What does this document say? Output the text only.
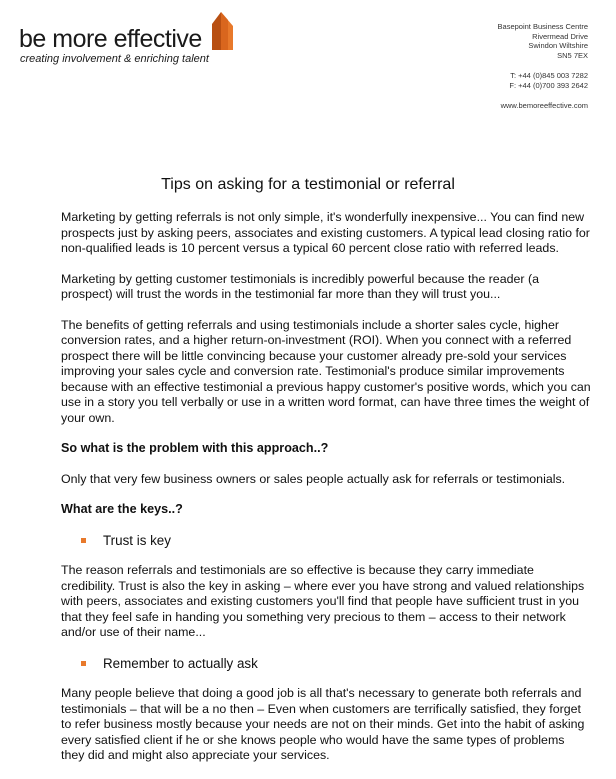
be more effective
creating involvement & enriching talent
Basepoint Business Centre
Rivermead Drive
Swindon Wiltshire
SN5 7EX
T: +44 (0)845 003 7282
F: +44 (0)700 393 2642
www.bemoreeffective.com
Tips on asking for a testimonial or referral

Marketing by getting referrals is not only simple, it's wonderfully inexpensive... You can find new prospects just by asking peers, associates and existing customers. A typical lead closing ratio for non-qualified leads is 10 percent versus a typical 60 percent close ratio with referred leads.

Marketing by getting customer testimonials is incredibly powerful because the reader (a prospect) will trust the words in the testimonial far more than they will trust you...

The benefits of getting referrals and using testimonials include a shorter sales cycle, higher conversion rates, and a higher return-on-investment (ROI). When you connect with a referred prospect there will be little convincing because your customer already pre-sold your services improving your sales cycle and conversion rate. Testimonial's produce similar improvements because with an effective testimonial a previous happy customer's positive words, which you can use in a story you tell verbally or use in a written word format, can have three times the weight of your own.

So what is the problem with this approach..?

Only that very few business owners or sales people actually ask for referrals or testimonials.

What are the keys..?
Trust is key

The reason referrals and testimonials are so effective is because they carry immediate credibility. Trust is also the key in asking – where ever you have strong and valued relationships with peers, associates and existing customers you'll find that people have sufficient trust in you that they feel safe in handing you something very precious to them – access to their network and/or use of their name...

Remember to actually ask

Many people believe that doing a good job is all that's necessary to generate both referrals and testimonials – that will be a no then – Even when customers are terrifically satisfied, they forget to refer business mostly because your needs are not on their minds. Get into the habit of asking every satisfied client if he or she knows people who would have the same types of problems they did and might also appreciate your services.
